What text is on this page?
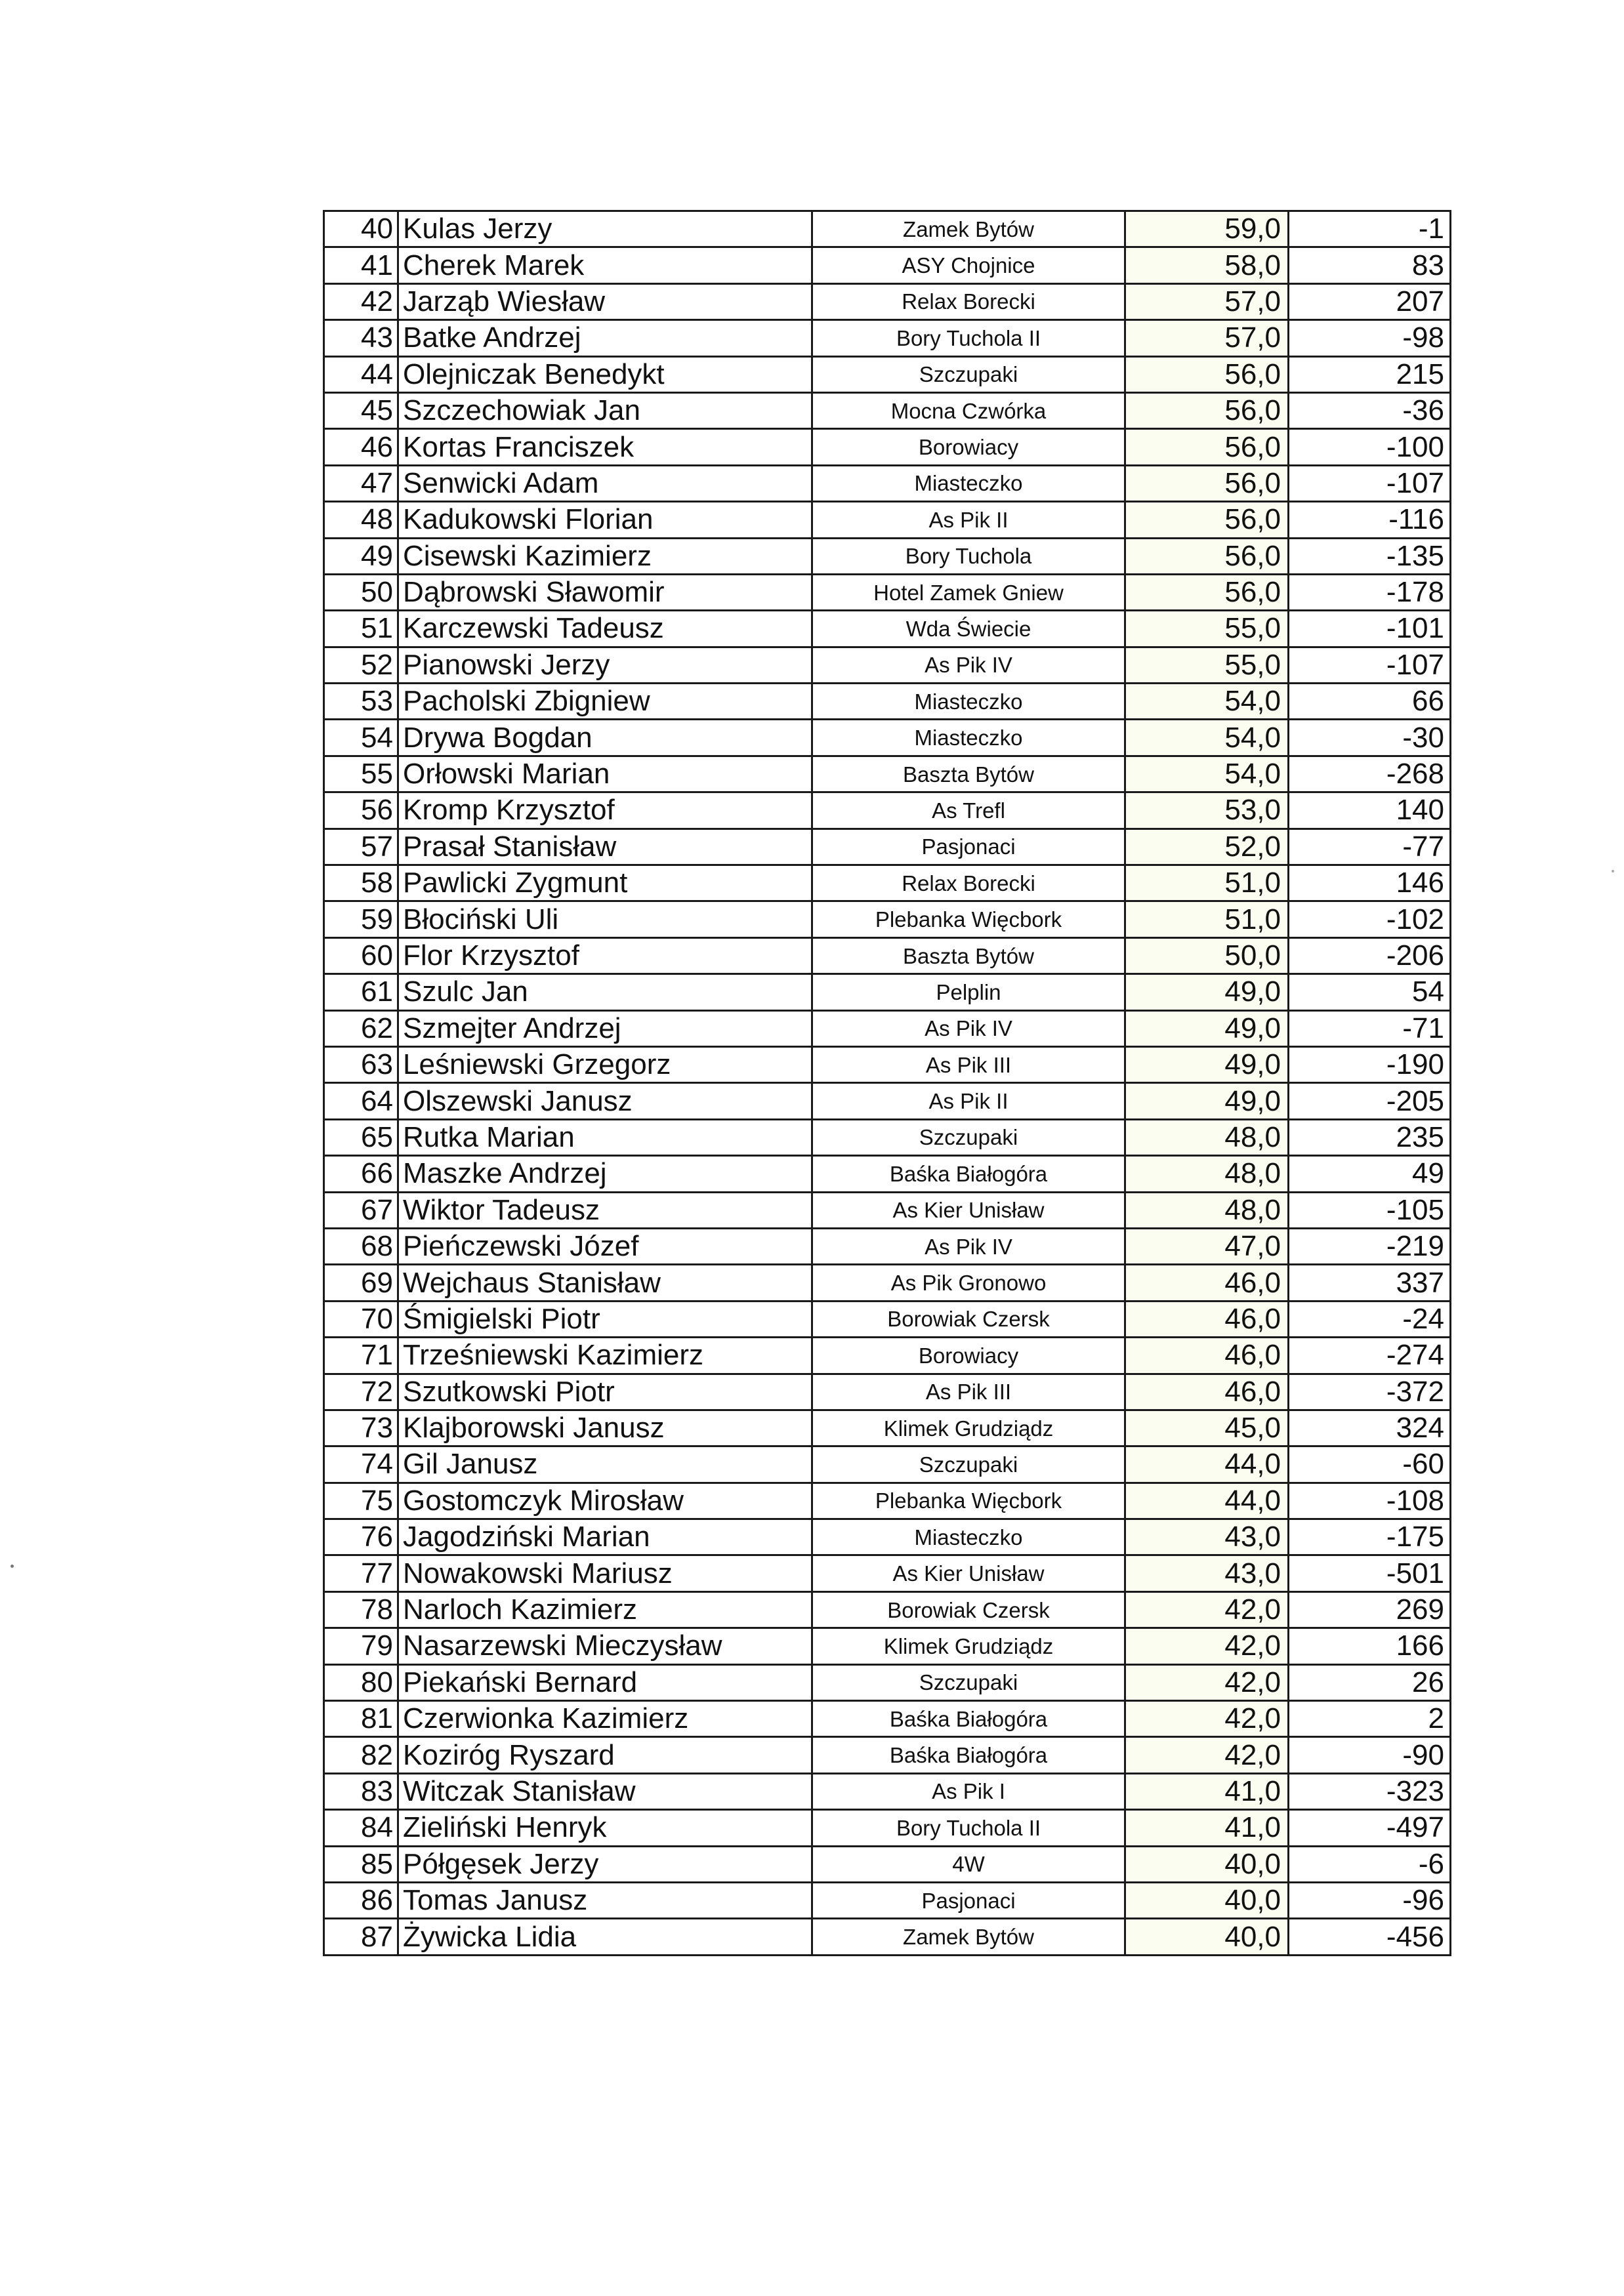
40	Kulas Jerzy	Zamek Bytów	59,0	-1
41	Cherek Marek	ASY Chojnice	58,0	83
42	Jarząb Wiesław	Relax Borecki	57,0	207
43	Batke Andrzej	Bory Tuchola II	57,0	-98
44	Olejniczak Benedykt	Szczupaki	56,0	215
45	Szczechowiak Jan	Mocna Czwórka	56,0	-36
46	Kortas Franciszek	Borowiacy	56,0	-100
47	Senwicki Adam	Miasteczko	56,0	-107
48	Kadukowski Florian	As Pik II	56,0	-116
49	Cisewski Kazimierz	Bory Tuchola	56,0	-135
50	Dąbrowski Sławomir	Hotel Zamek Gniew	56,0	-178
51	Karczewski Tadeusz	Wda Świecie	55,0	-101
52	Pianowski Jerzy	As Pik IV	55,0	-107
53	Pacholski Zbigniew	Miasteczko	54,0	66
54	Drywa Bogdan	Miasteczko	54,0	-30
55	Orłowski Marian	Baszta Bytów	54,0	-268
56	Kromp Krzysztof	As Trefl	53,0	140
57	Prasał Stanisław	Pasjonaci	52,0	-77
58	Pawlicki Zygmunt	Relax Borecki	51,0	146
59	Błociński Uli	Plebanka Więcbork	51,0	-102
60	Flor Krzysztof	Baszta Bytów	50,0	-206
61	Szulc Jan	Pelplin	49,0	54
62	Szmejter Andrzej	As Pik IV	49,0	-71
63	Leśniewski Grzegorz	As Pik III	49,0	-190
64	Olszewski Janusz	As Pik II	49,0	-205
65	Rutka Marian	Szczupaki	48,0	235
66	Maszke Andrzej	Baśka Białogóra	48,0	49
67	Wiktor Tadeusz	As Kier Unisław	48,0	-105
68	Pieńczewski Józef	As Pik IV	47,0	-219
69	Wejchaus Stanisław	As Pik Gronowo	46,0	337
70	Śmigielski Piotr	Borowiak Czersk	46,0	-24
71	Trześniewski Kazimierz	Borowiacy	46,0	-274
72	Szutkowski Piotr	As Pik III	46,0	-372
73	Klajborowski Janusz	Klimek Grudziądz	45,0	324
74	Gil Janusz	Szczupaki	44,0	-60
75	Gostomczyk Mirosław	Plebanka Więcbork	44,0	-108
76	Jagodziński Marian	Miasteczko	43,0	-175
77	Nowakowski Mariusz	As Kier Unisław	43,0	-501
78	Narloch Kazimierz	Borowiak Czersk	42,0	269
79	Nasarzewski Mieczysław	Klimek Grudziądz	42,0	166
80	Piekański Bernard	Szczupaki	42,0	26
81	Czerwionka Kazimierz	Baśka Białogóra	42,0	2
82	Koziróg Ryszard	Baśka Białogóra	42,0	-90
83	Witczak Stanisław	As Pik I	41,0	-323
84	Zieliński Henryk	Bory Tuchola II	41,0	-497
85	Półgęsek Jerzy	4W	40,0	-6
86	Tomas Janusz	Pasjonaci	40,0	-96
87	Żywicka Lidia	Zamek Bytów	40,0	-456
